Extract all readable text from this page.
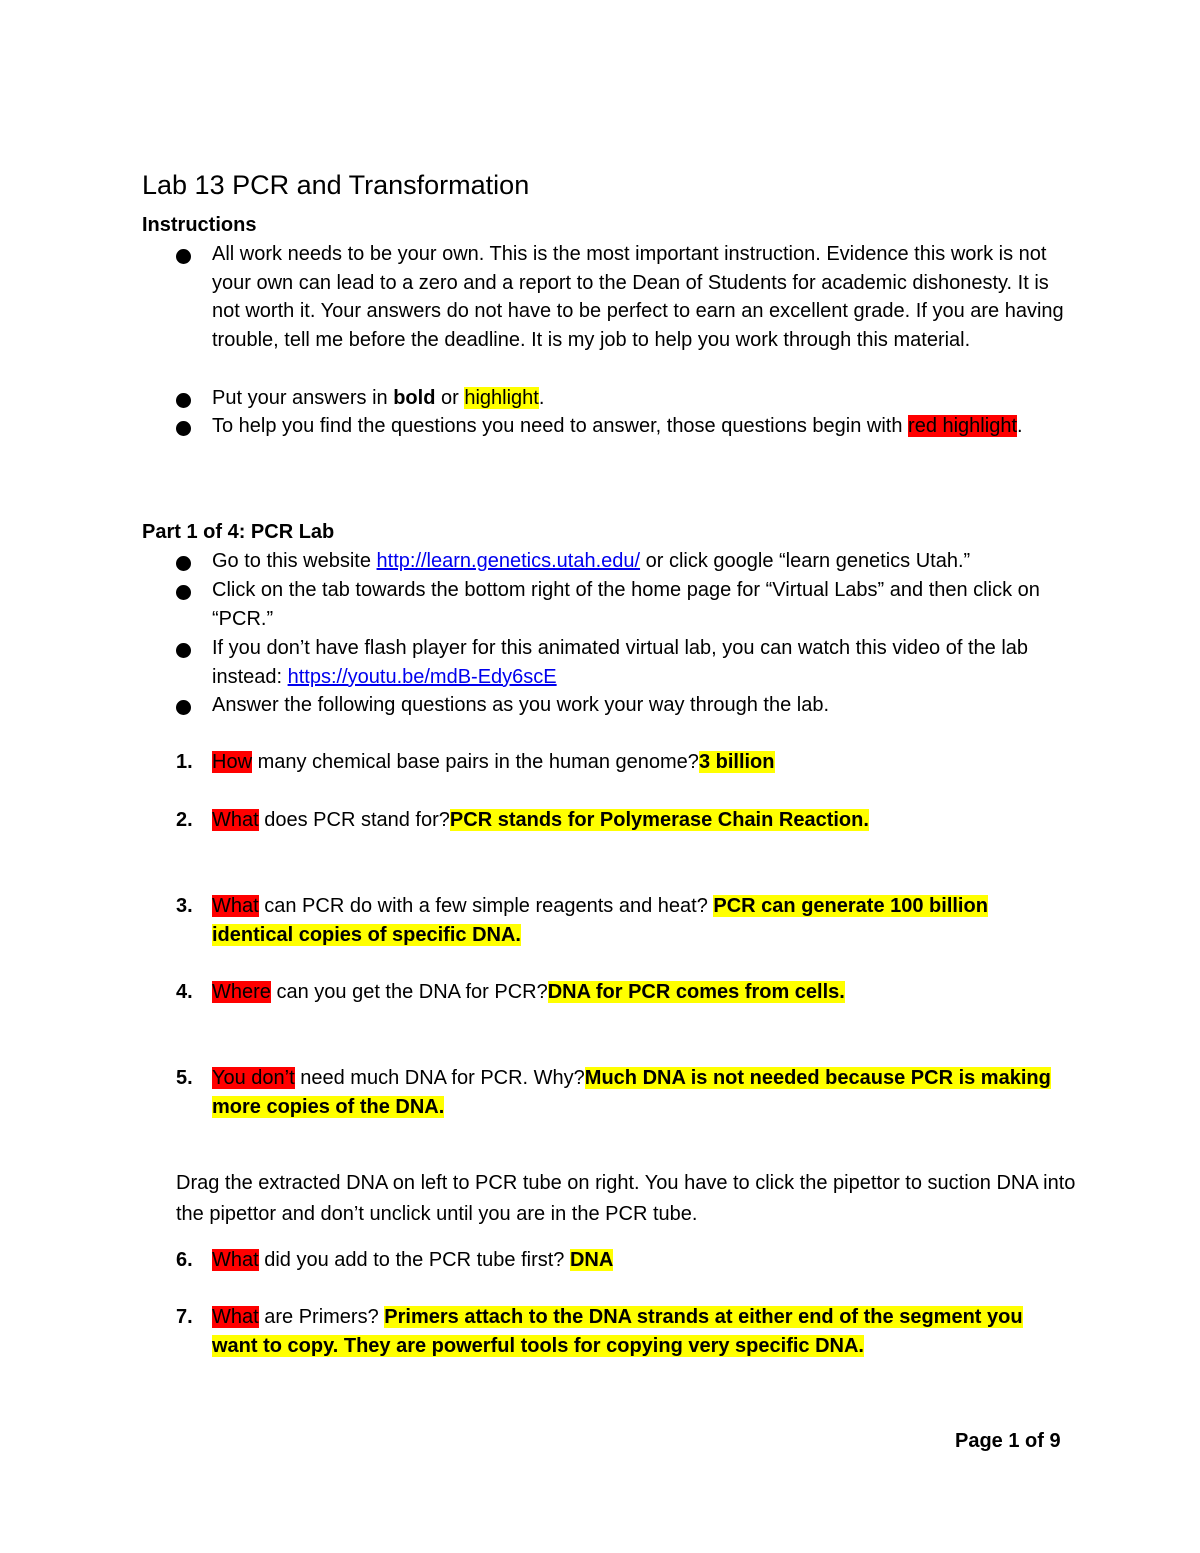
Lab 13 PCR and Transformation
Instructions
All work needs to be your own. This is the most important instruction. Evidence this work is not your own can lead to a zero and a report to the Dean of Students for academic dishonesty. It is not worth it. Your answers do not have to be perfect to earn an excellent grade. If you are having trouble, tell me before the deadline. It is my job to help you work through this material.
Put your answers in bold or highlight.
To help you find the questions you need to answer, those questions begin with red highlight.
Part 1 of 4: PCR Lab
Go to this website http://learn.genetics.utah.edu/ or click google “learn genetics Utah.”
Click on the tab towards the bottom right of the home page for “Virtual Labs” and then click on “PCR.”
If you don’t have flash player for this animated virtual lab, you can watch this video of the lab instead: https://youtu.be/mdB-Edy6scE
Answer the following questions as you work your way through the lab.
1. How many chemical base pairs in the human genome?3 billion
2. What does PCR stand for?PCR stands for Polymerase Chain Reaction.
3. What can PCR do with a few simple reagents and heat? PCR can generate 100 billion identical copies of specific DNA.
4. Where can you get the DNA for PCR?DNA for PCR comes from cells.
5. You don’t need much DNA for PCR. Why?Much DNA is not needed because PCR is making more copies of the DNA.
Drag the extracted DNA on left to PCR tube on right. You have to click the pipettor to suction DNA into the pipettor and don’t unclick until you are in the PCR tube.
6. What did you add to the PCR tube first? DNA
7. What are Primers? Primers attach to the DNA strands at either end of the segment you want to copy. They are powerful tools for copying very specific DNA.
Page 1 of 9
